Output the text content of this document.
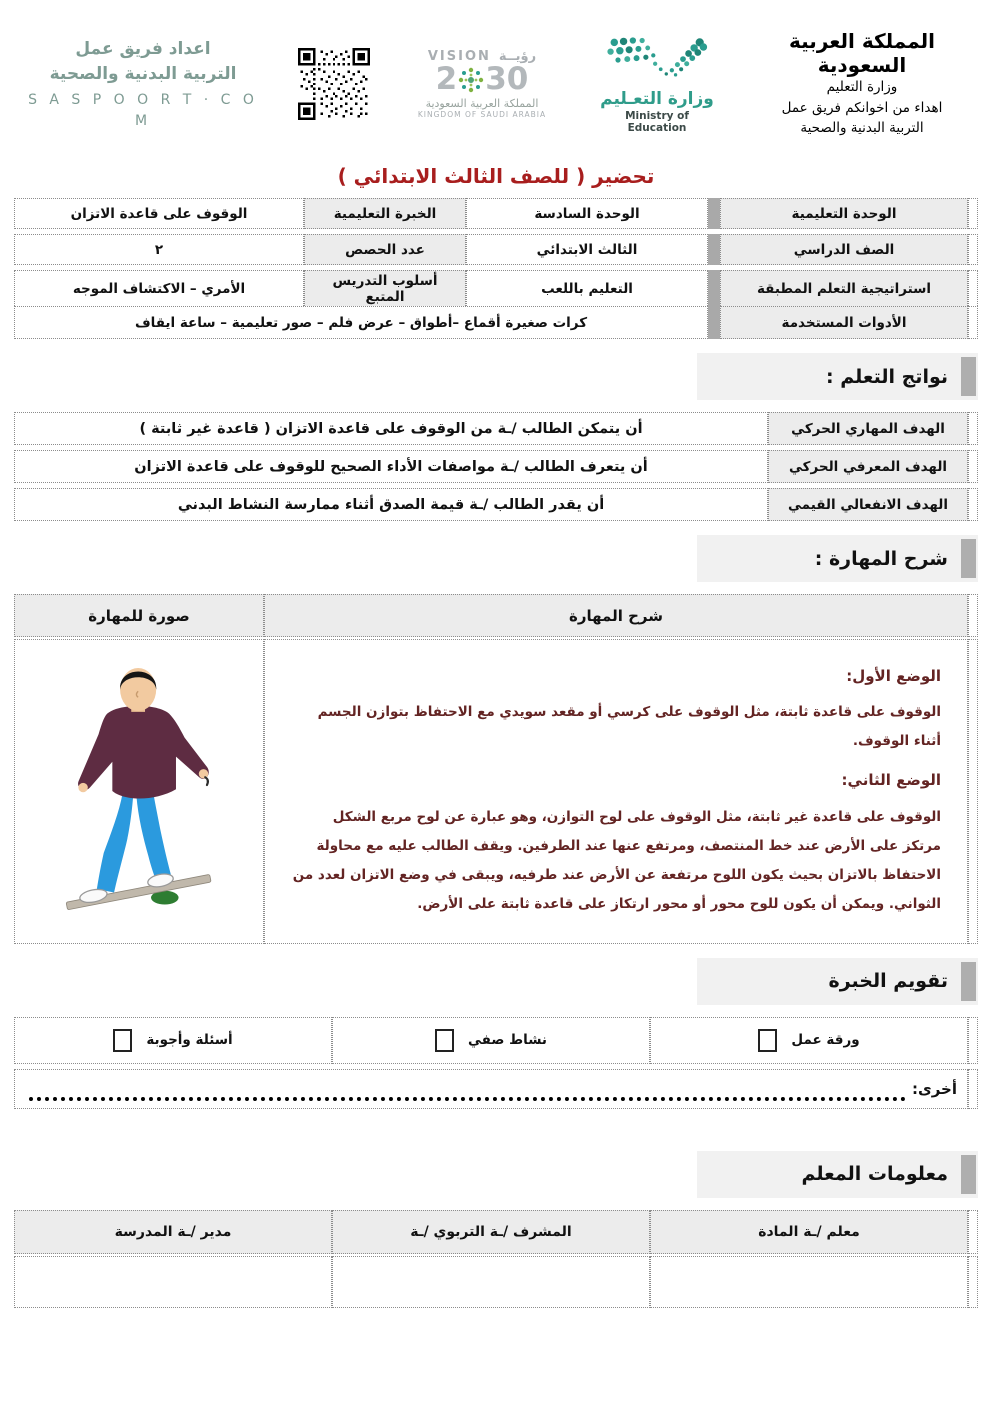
اعداد فريق عمل
التربية البدنية والصحية
S A S P O O R T · C O M
VISION رؤيــة
2 30
المملكة العربية السعودية
KINGDOM OF SAUDI ARABIA
وزارة التعـليم
Ministry of Education
المملكة العربية السعودية
وزارة التعليم
اهداء من اخوانكم فريق عمل
التربية البدنية والصحية
تحضير ( للصف الثالث الابتدائي )
الوحدة التعليمية
الوحدة السادسة
الخبرة التعليمية
الوقوف على قاعدة الاتزان
الصف الدراسي
الثالث الابتدائي
عدد الحصص
٢
استراتيجية التعلم المطبقة
التعليم باللعب
أسلوب التدريس المتبع
الأمري – الاكتشاف الموجه
الأدوات المستخدمة
كرات صغيرة أقماع –أطواق – عرض فلم – صور تعليمية – ساعة ايقاف
نواتج التعلم :
الهدف المهاري الحركي
أن يتمكن الطالب /ـة من الوقوف على قاعدة الاتزان ( قاعدة غير ثابتة )
الهدف المعرفي الحركي
أن يتعرف الطالب /ـة مواصفات الأداء الصحيح للوقوف على قاعدة الاتزان
الهدف الانفعالي القيمي
أن يقدر الطالب /ـة قيمة الصدق أثناء ممارسة النشاط البدني
شرح المهارة :
شرح المهارة
صورة للمهارة
الوضع الأول:

الوقوف على قاعدة ثابتة، مثل الوقوف على كرسي أو مقعد سويدي مع الاحتفاظ بتوازن الجسم أثناء الوقوف.

الوضع الثاني:

الوقوف على قاعدة غير ثابتة، مثل الوقوف على لوح التوازن، وهو عبارة عن لوح مربع الشكل مرتكز على الأرض عند خط المنتصف، ومرتفع عنها عند الطرفين. ويقف الطالب عليه مع محاولة الاحتفاظ بالاتزان بحيث يكون اللوح مرتفعة عن الأرض عند طرفيه، ويبقى في وضع الاتزان لعدد من الثواني. ويمكن أن يكون للوح محور أو محور ارتكاز على قاعدة ثابتة على الأرض.

تقويم الخبرة
ورقة عمل
نشاط صفي
أسئلة وأجوبة
أخرى:
معلومات المعلم
معلم /ـة المادة
المشرف /ـة التربوي /ـة
مدير /ـة المدرسة
